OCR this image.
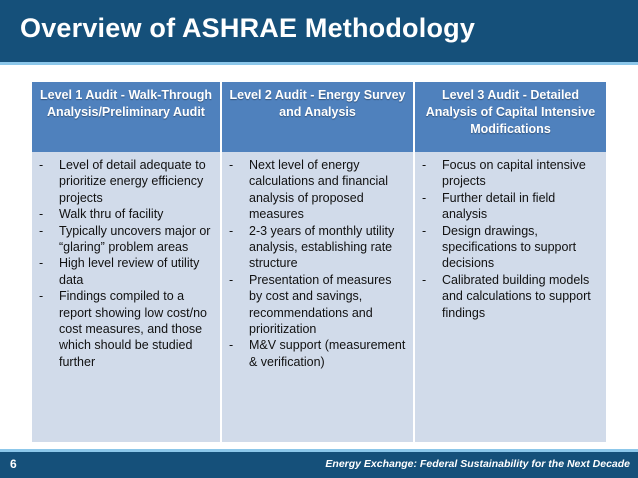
Overview of ASHRAE Methodology
Level 1 Audit - Walk-Through Analysis/Preliminary Audit
Level 2 Audit - Energy Survey and Analysis
Level 3 Audit - Detailed Analysis of Capital Intensive Modifications
- Level of detail adequate to prioritize energy efficiency projects
- Walk thru of facility
- Typically uncovers major or “glaring” problem areas
- High level review of utility data
- Findings compiled to a report showing low cost/no cost measures, and those which should be studied further
- Next level of energy calculations and financial analysis of proposed measures
- 2-3 years of monthly utility analysis, establishing rate structure
- Presentation of measures by cost and savings, recommendations and prioritization
- M&V support (measurement & verification)
- Focus on capital intensive projects
- Further detail in field analysis
- Design drawings, specifications to support decisions
- Calibrated building models and calculations to support findings
6	Energy Exchange: Federal Sustainability for the Next Decade
